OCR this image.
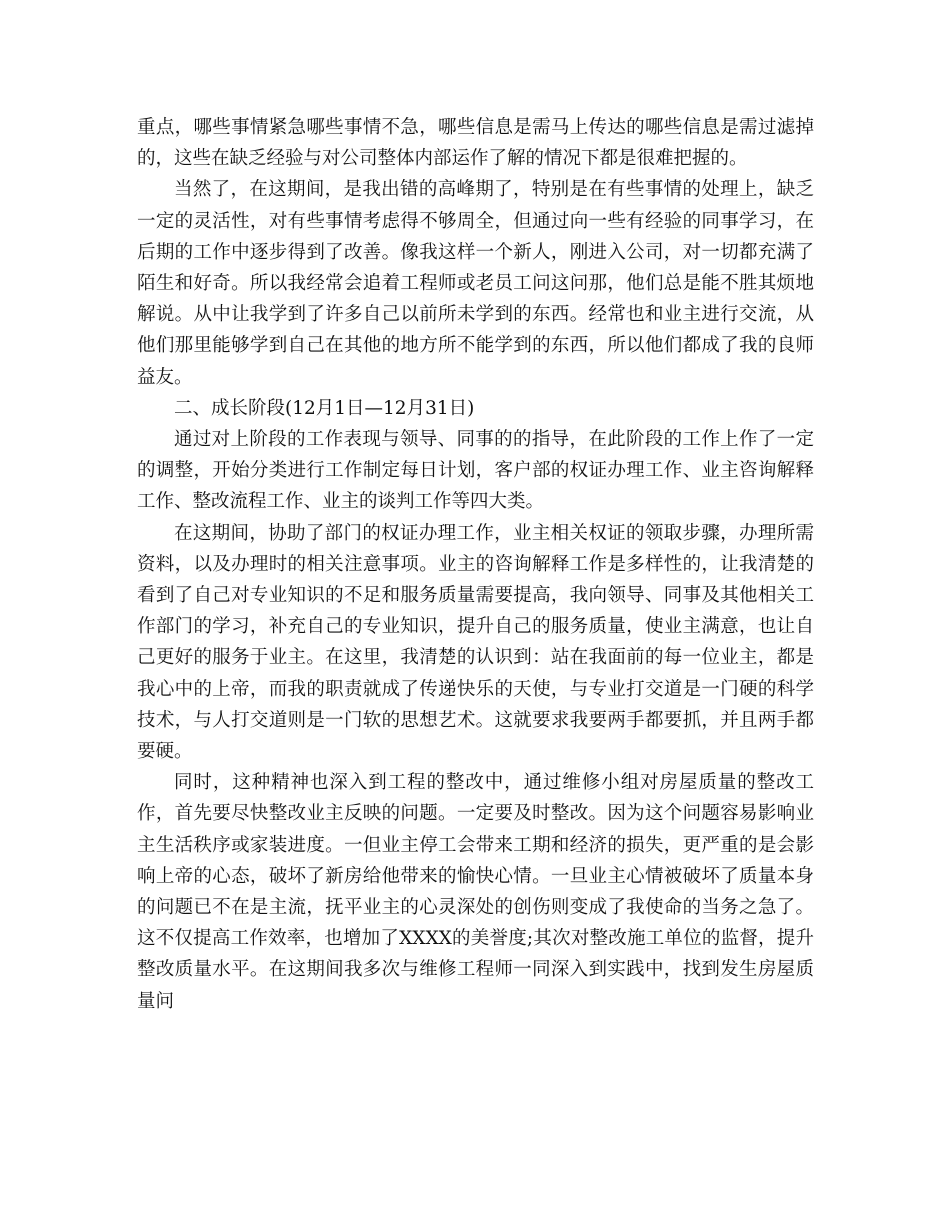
重点，哪些事情紧急哪些事情不急，哪些信息是需马上传达的哪些信息是需过滤掉的，这些在缺乏经验与对公司整体内部运作了解的情况下都是很难把握的。

当然了，在这期间，是我出错的高峰期了，特别是在有些事情的处理上，缺乏一定的灵活性，对有些事情考虑得不够周全，但通过向一些有经验的同事学习，在后期的工作中逐步得到了改善。像我这样一个新人，刚进入公司，对一切都充满了陌生和好奇。所以我经常会追着工程师或老员工问这问那，他们总是能不胜其烦地解说。从中让我学到了许多自己以前所未学到的东西。经常也和业主进行交流，从他们那里能够学到自己在其他的地方所不能学到的东西，所以他们都成了我的良师益友。

二、成长阶段(12月1日—12月31日)

通过对上阶段的工作表现与领导、同事的的指导，在此阶段的工作上作了一定的调整，开始分类进行工作制定每日计划，客户部的权证办理工作、业主咨询解释工作、整改流程工作、业主的谈判工作等四大类。

在这期间，协助了部门的权证办理工作，业主相关权证的领取步骤，办理所需资料，以及办理时的相关注意事项。业主的咨询解释工作是多样性的，让我清楚的看到了自己对专业知识的不足和服务质量需要提高，我向领导、同事及其他相关工作部门的学习，补充自己的专业知识，提升自己的服务质量，使业主满意，也让自己更好的服务于业主。在这里，我清楚的认识到：站在我面前的每一位业主，都是我心中的上帝，而我的职责就成了传递快乐的天使，与专业打交道是一门硬的科学技术，与人打交道则是一门软的思想艺术。这就要求我要两手都要抓，并且两手都要硬。

同时，这种精神也深入到工程的整改中，通过维修小组对房屋质量的整改工作，首先要尽快整改业主反映的问题。一定要及时整改。因为这个问题容易影响业主生活秩序或家装进度。一但业主停工会带来工期和经济的损失，更严重的是会影响上帝的心态，破坏了新房给他带来的愉快心情。一旦业主心情被破坏了质量本身的问题已不在是主流，抚平业主的心灵深处的创伤则变成了我使命的当务之急了。这不仅提高工作效率，也增加了XXXX的美誉度;其次对整改施工单位的监督，提升整改质量水平。在这期间我多次与维修工程师一同深入到实践中，找到发生房屋质量问
